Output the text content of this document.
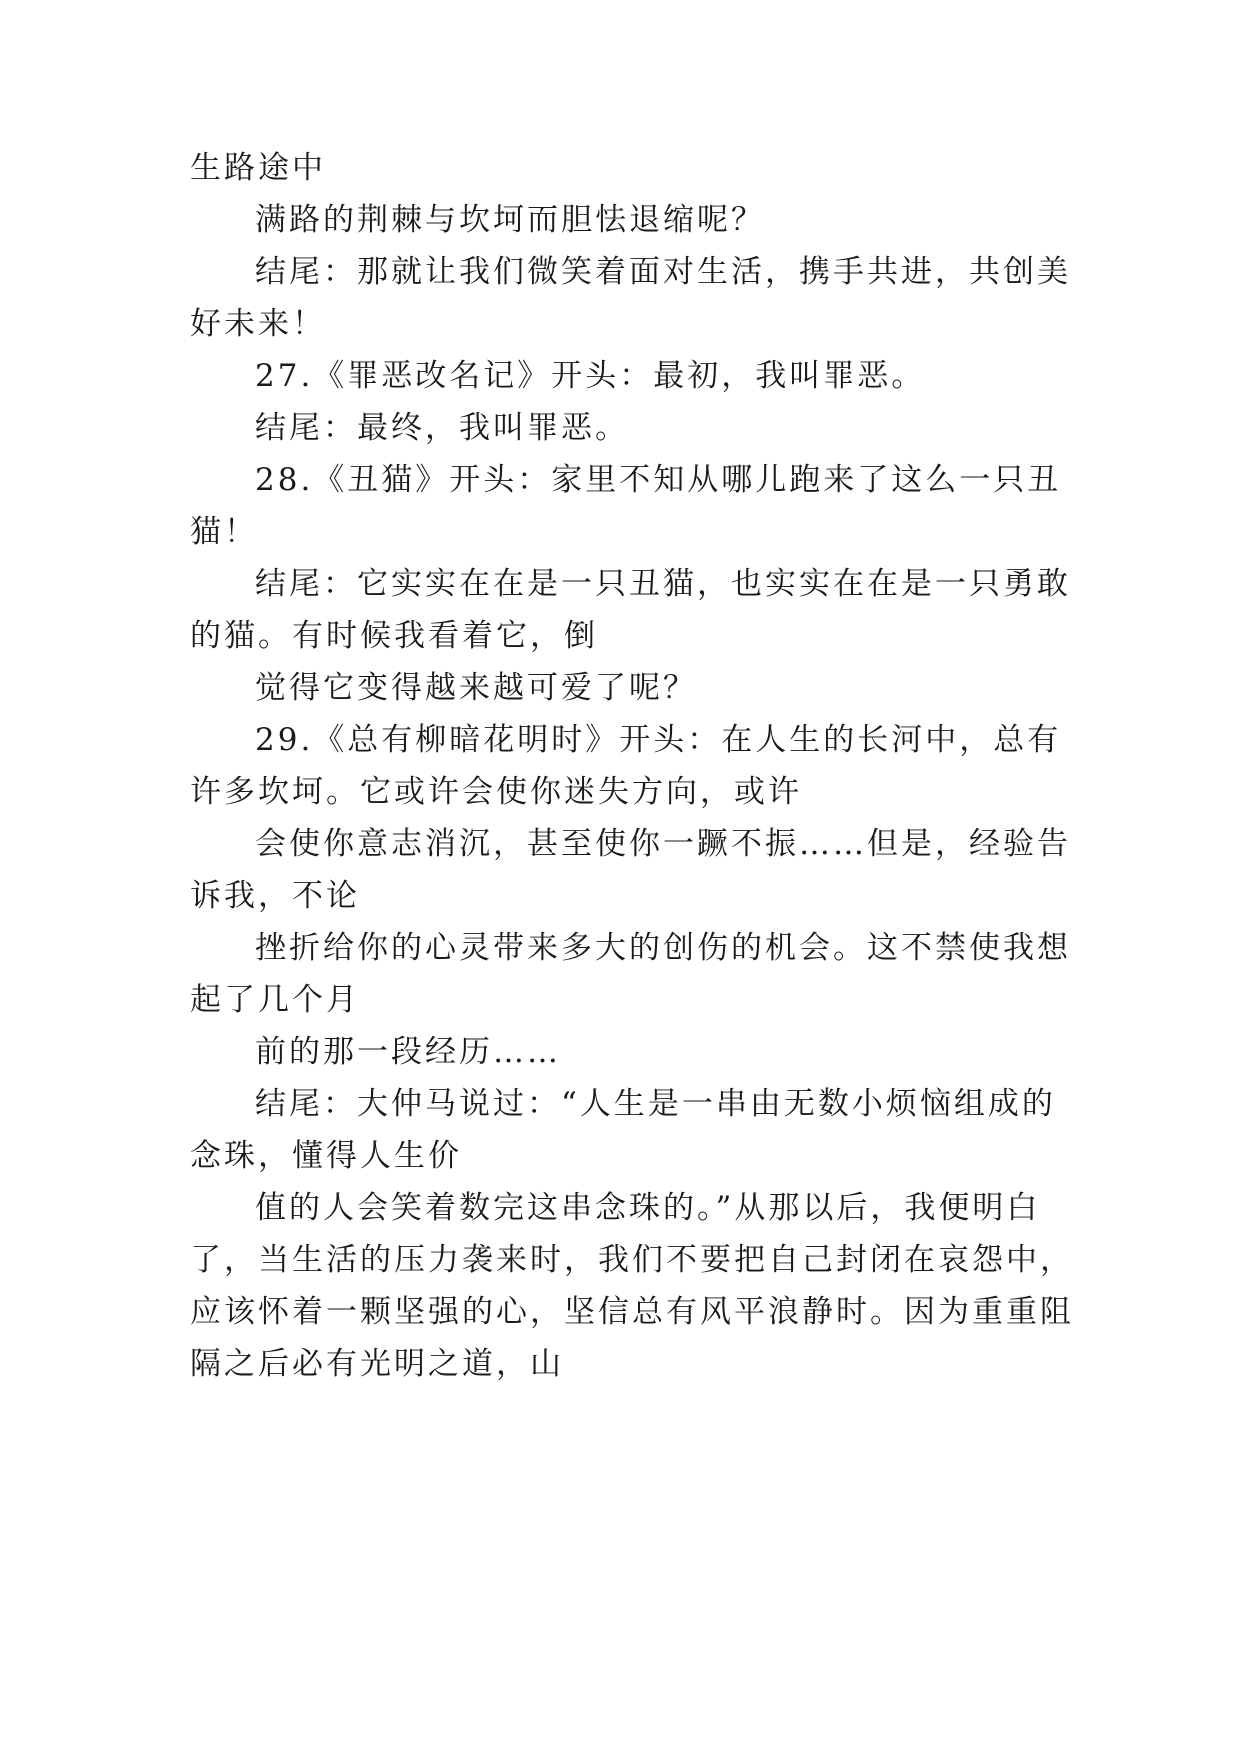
生路途中
满路的荆棘与坎坷而胆怯退缩呢？
结尾：那就让我们微笑着面对生活，携手共进，共创美
好未来！
27.《罪恶改名记》开头：最初，我叫罪恶。
结尾：最终，我叫罪恶。
28.《丑猫》开头：家里不知从哪儿跑来了这么一只丑
猫！
结尾：它实实在在是一只丑猫，也实实在在是一只勇敢
的猫。有时候我看着它，倒
觉得它变得越来越可爱了呢？
29.《总有柳暗花明时》开头：在人生的长河中，总有
许多坎坷。它或许会使你迷失方向，或许
会使你意志消沉，甚至使你一蹶不振……但是，经验告
诉我，不论
挫折给你的心灵带来多大的创伤的机会。这不禁使我想
起了几个月
前的那一段经历……
结尾：大仲马说过：“人生是一串由无数小烦恼组成的
念珠，懂得人生价
值的人会笑着数完这串念珠的。”从那以后，我便明白
了，当生活的压力袭来时，我们不要把自己封闭在哀怨中，
应该怀着一颗坚强的心，坚信总有风平浪静时。因为重重阻
隔之后必有光明之道，山
